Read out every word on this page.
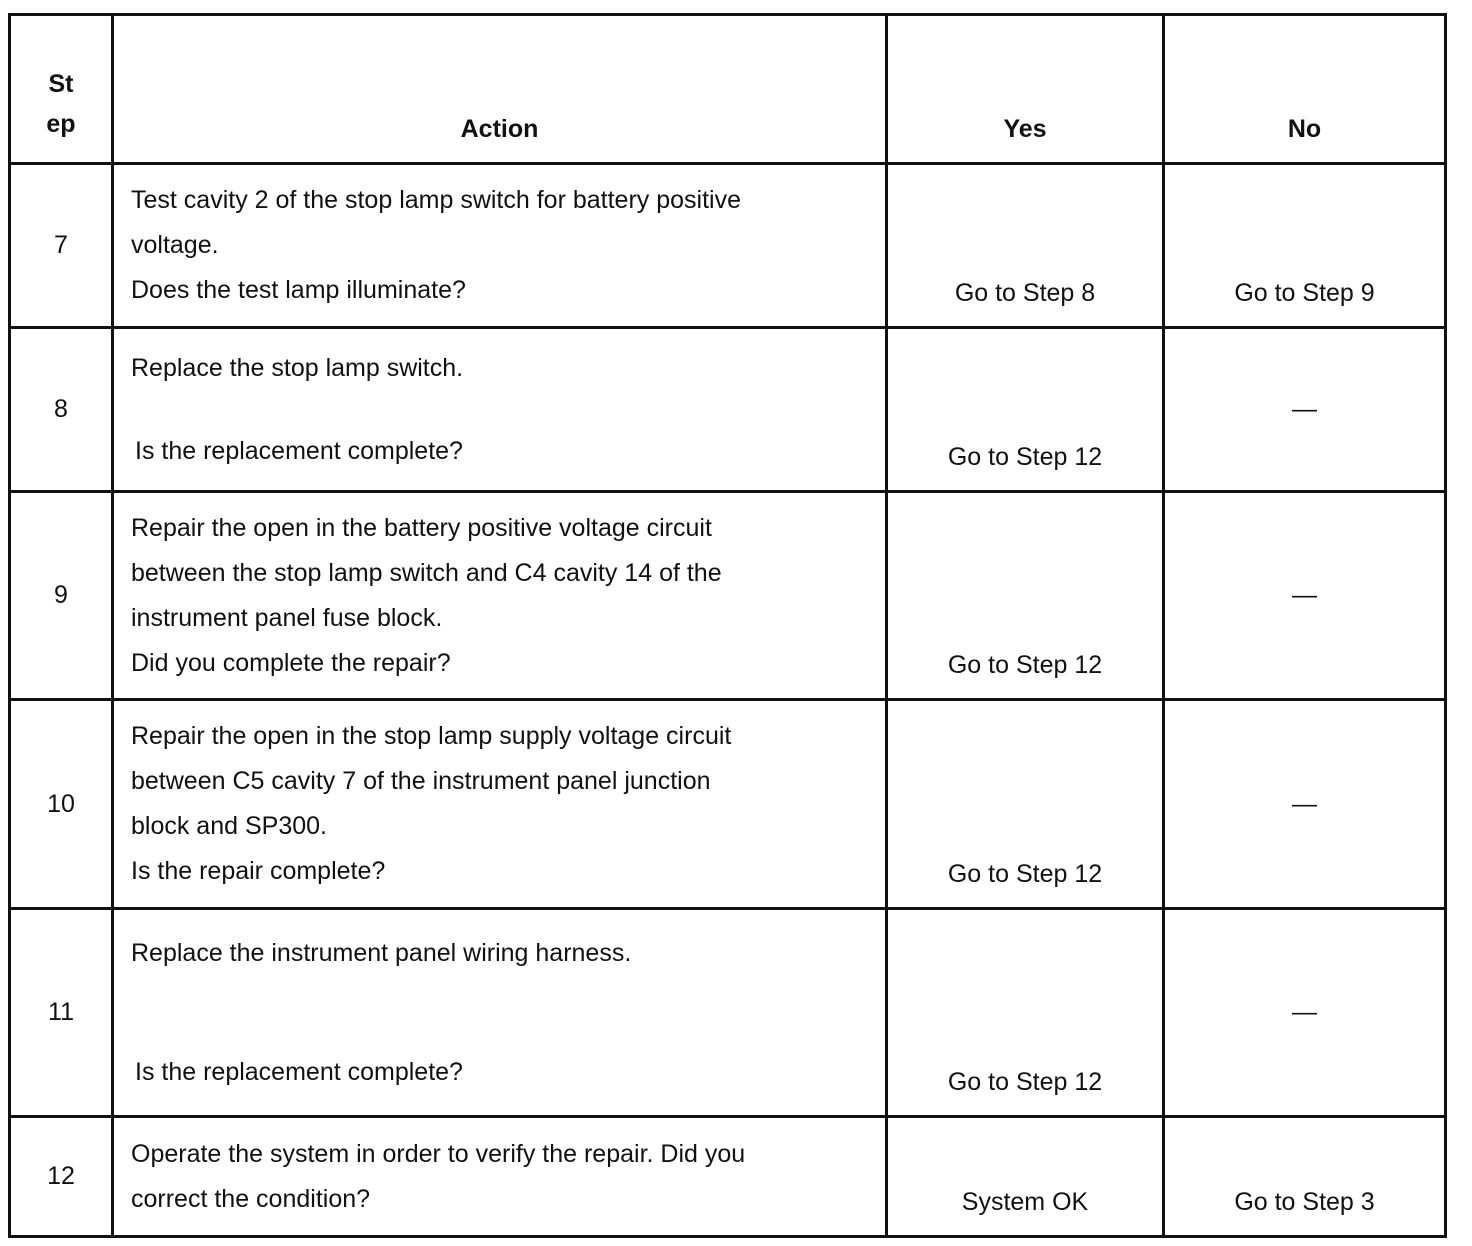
St
ep	Action	Yes	No
7	Test cavity 2 of the stop lamp switch for battery positive

voltage.

Does the test lamp illuminate?	Go to Step 8	Go to Step 9
8	Replace the stop lamp switch.

Is the replacement complete?	Go to Step 12	—
9	Repair the open in the battery positive voltage circuit

between the stop lamp switch and C4 cavity 14 of the

instrument panel fuse block.

Did you complete the repair?	Go to Step 12	—
10	Repair the open in the stop lamp supply voltage circuit

between C5 cavity 7 of the instrument panel junction

block and SP300.

Is the repair complete?	Go to Step 12	—
11	Replace the instrument panel wiring harness.

Is the replacement complete?	Go to Step 12	—
12	Operate the system in order to verify the repair. Did you

correct the condition?	System OK	Go to Step 3
